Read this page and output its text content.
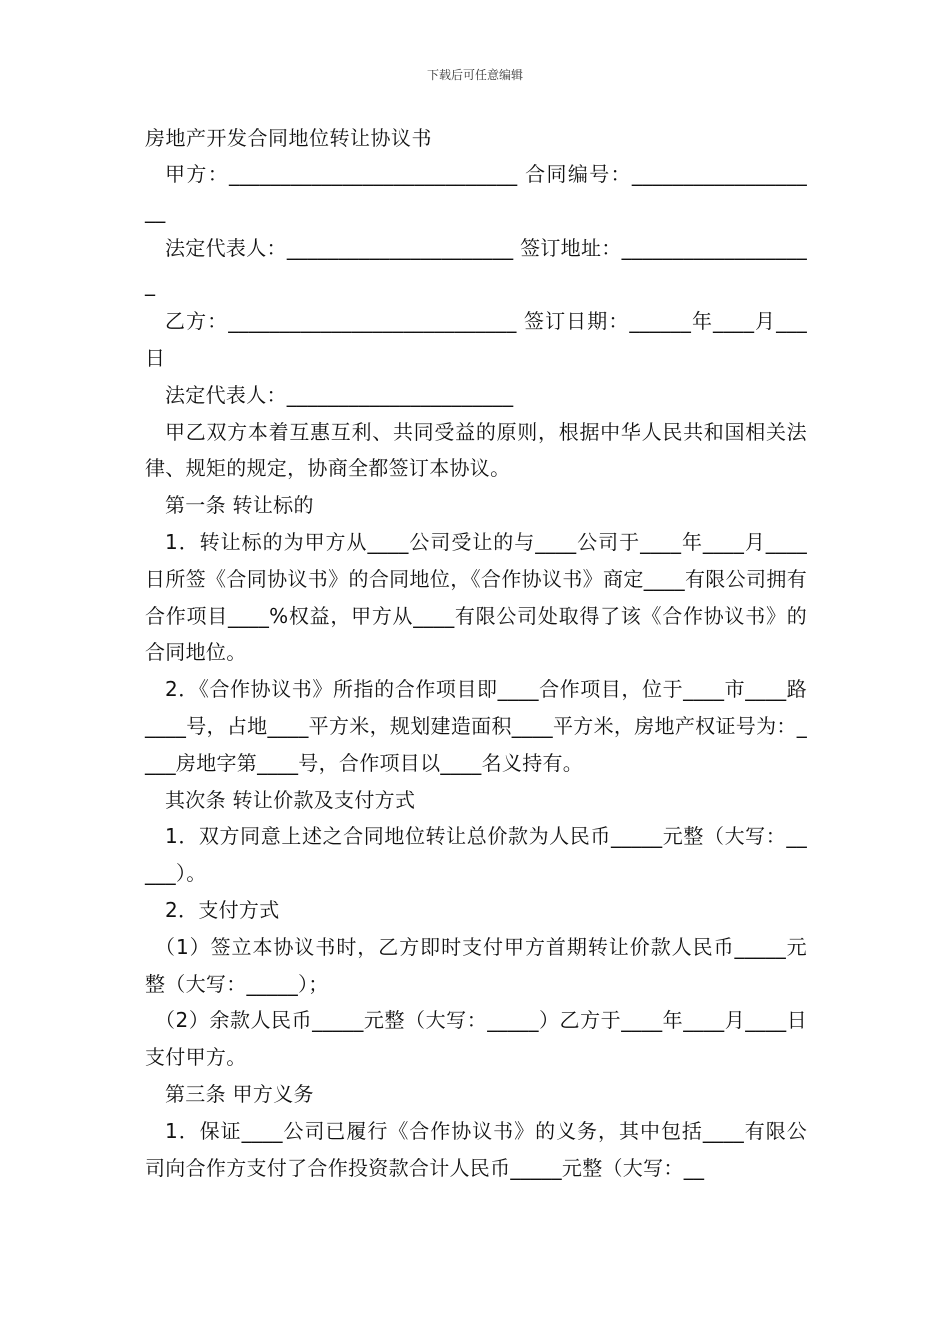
下载后可任意编辑
房地产开发合同地位转让协议书

甲方：____________________________ 合同编号：___________________

法定代表人：______________________ 签订地址：___________________

乙方：____________________________ 签订日期：______年____月___日

法定代表人：______________________

甲乙双方本着互惠互利、共同受益的原则，根据中华人民共和国相关法律、规矩的规定，协商全都签订本协议。

第一条 转让标的

1．转让标的为甲方从____公司受让的与____公司于____年____月____日所签《合同协议书》的合同地位，《合作协议书》商定____有限公司拥有合作项目____%权益，甲方从____有限公司处取得了该《合作协议书》的合同地位。

2．《合作协议书》所指的合作项目即____合作项目，位于____市____路____号，占地____平方米，规划建造面积____平方米，房地产权证号为：____房地字第____号，合作项目以____名义持有。

其次条 转让价款及支付方式

1．双方同意上述之合同地位转让总价款为人民币_____元整（大写：_____）。

2．支付方式

（1）签立本协议书时，乙方即时支付甲方首期转让价款人民币_____元整（大写：_____）；

（2）余款人民币_____元整（大写：_____）乙方于____年____月____日支付甲方。

第三条 甲方义务

1．保证____公司已履行《合作协议书》的义务，其中包括____有限公司向合作方支付了合作投资款合计人民币_____元整（大写：__
